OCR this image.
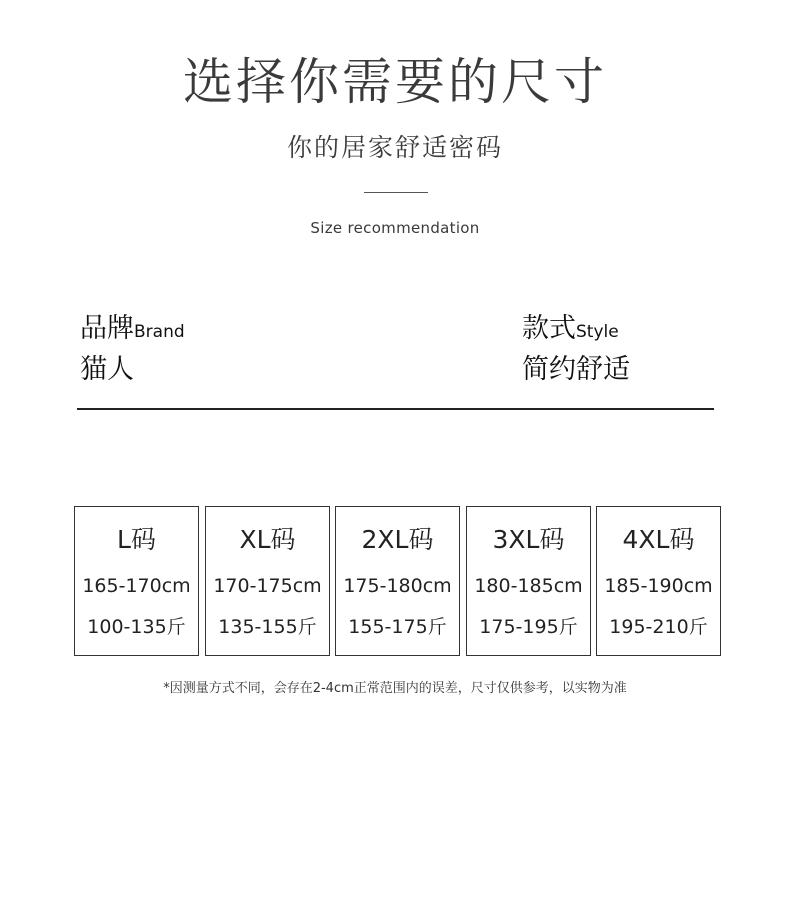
选择你需要的尺寸
你的居家舒适密码
Size recommendation
品牌Brand
猫人
款式Style
简约舒适
L码
165-170cm
100-135斤
XL码
170-175cm
135-155斤
2XL码
175-180cm
155-175斤
3XL码
180-185cm
175-195斤
4XL码
185-190cm
195-210斤
*因测量方式不同，会存在2-4cm正常范围内的误差，尺寸仅供参考，以实物为准
